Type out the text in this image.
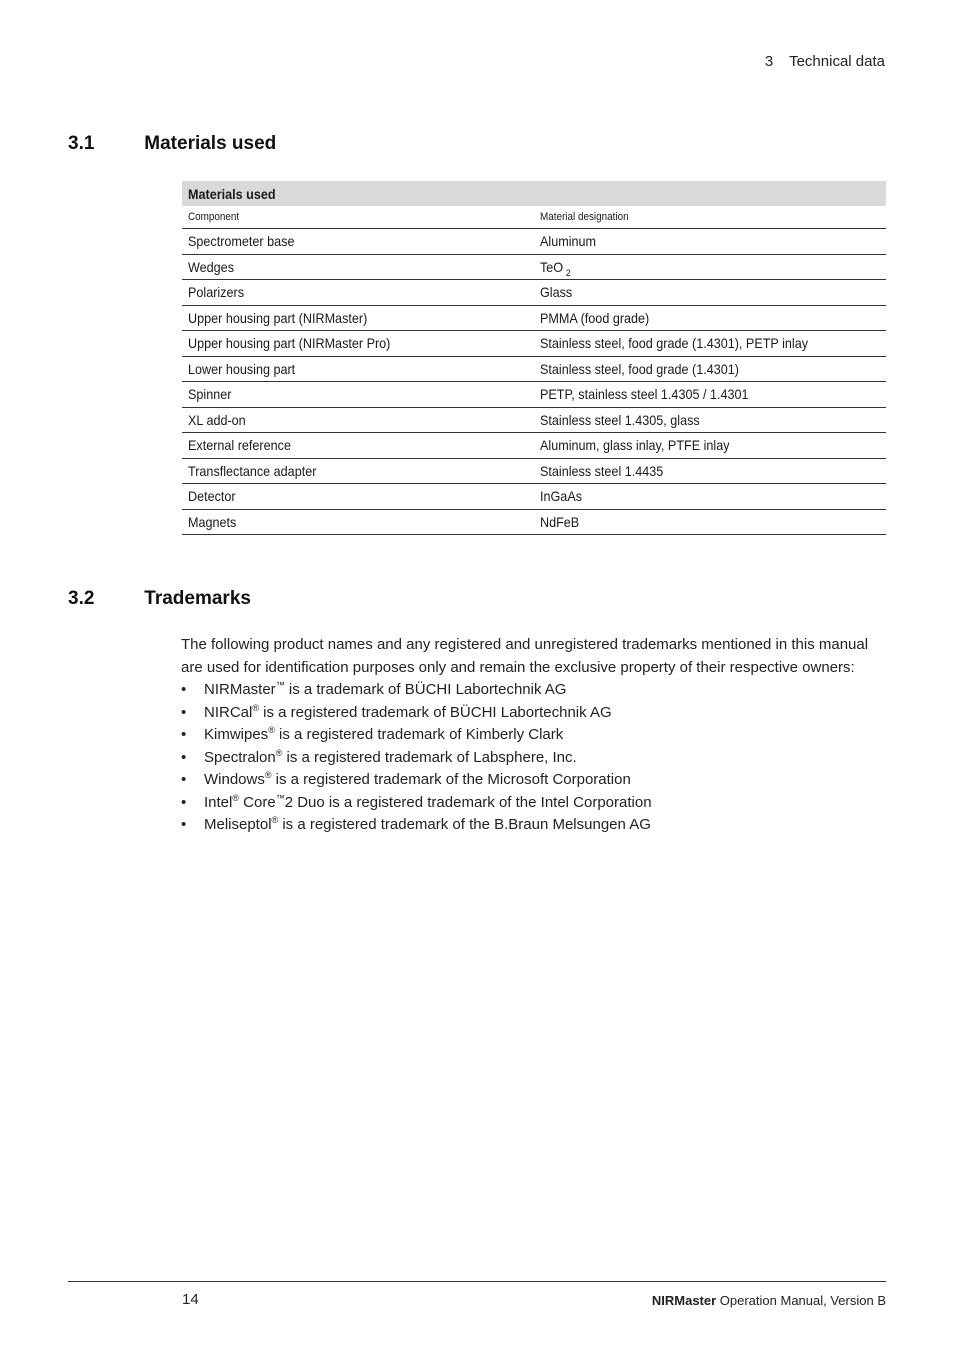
3 Technical data
3.1	Materials used
Materials used	
Component	Material designation
Spectrometer base	Aluminum
Wedges	TeO $_2$
Polarizers	Glass
Upper housing part (NIRMaster)	PMMA (food grade)
Upper housing part (NIRMaster Pro)	Stainless steel, food grade (1.4301), PETP inlay
Lower housing part	Stainless steel, food grade (1.4301)
Spinner	PETP, stainless steel 1.4305 / 1.4301
XL add-on	Stainless steel 1.4305, glass
External reference	Aluminum, glass inlay, PTFE inlay
Transflectance adapter	Stainless steel 1.4435
Detector	InGaAs
Magnets	NdFeB
3.2	Trademarks

The following product names and any registered and unregistered trademarks mentioned in this manual are used for identification purposes only and remain the exclusive property of their respective owners:

• NIRMaster™ is a trademark of BÜCHI Labortechnik AG
• NIRCal® is a registered trademark of BÜCHI Labortechnik AG
• Kimwipes® is a registered trademark of Kimberly Clark
• Spectralon® is a registered trademark of Labsphere, Inc.
• Windows® is a registered trademark of the Microsoft Corporation
• Intel® Core™2 Duo is a registered trademark of the Intel Corporation
• Meliseptol® is a registered trademark of the B.Braun Melsungen AG
14	NIRMaster Operation Manual, Version B
